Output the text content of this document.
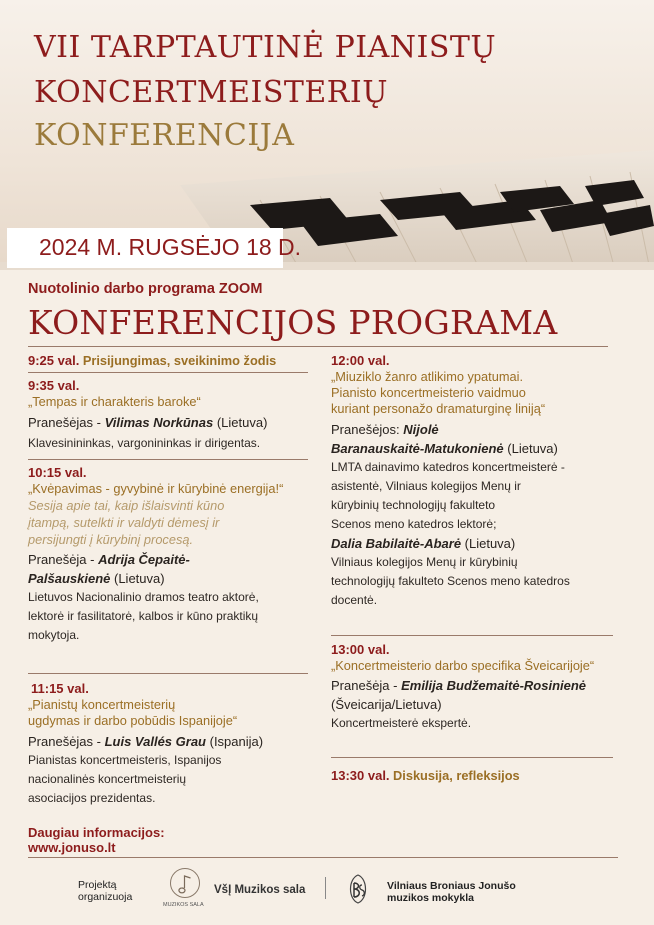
VII TARPTAUTINĖ PIANISTŲ
KONCERTMEISTERIŲ
KONFERENCIJA
2024 M. RUGSĖJO 18 D.
Nuotolinio darbo programa ZOOM
KONFERENCIJOS PROGRAMA
9:25 val. Prisijungimas, sveikinimo žodis
9:35 val.
„Tempas ir charakteris baroke“
Pranešėjas - Vilimas Norkūnas (Lietuva)
Klavesinininkas, vargonininkas ir dirigentas.
10:15 val.
„Kvėpavimas - gyvybinė ir kūrybinė energija!“
Sesija apie tai, kaip išlaisvinti kūno
įtampą, sutelkti ir valdyti dėmesį ir
persijungti į kūrybinį procesą.
Pranešėja - Adrija Čepaitė-
Palšauskienė (Lietuva)
Lietuvos Nacionalinio dramos teatro aktorė,
lektorė ir fasilitatorė, kalbos ir kūno praktikų
mokytoja.
11:15 val.
„Pianistų koncertmeisterių
ugdymas ir darbo pobūdis Ispanijoje“
Pranešėjas - Luis Vallés Grau (Ispanija)
Pianistas koncertmeisteris, Ispanijos
nacionalinės koncertmeisterių
asociacijos prezidentas.
12:00 val.
„Miuziklo žanro atlikimo ypatumai.
Pianisto koncertmeisterio vaidmuo
kuriant personažo dramaturginę liniją“
Pranešėjos: Nijolė
Baranauskaitė-Matukonienė (Lietuva)
LMTA dainavimo katedros koncertmeisterė -
asistentė, Vilniaus kolegijos Menų ir
kūrybinių technologijų fakulteto
Scenos meno katedros lektorė;
Dalia Babilaitė-Abarė (Lietuva)
Vilniaus kolegijos Menų ir kūrybinių
technologijų fakulteto Scenos meno katedros
docentė.
13:00 val.
„Koncertmeisterio darbo specifika Šveicarijoje“
Pranešėja - Emilija Budžemaitė-Rosinienė
(Šveicarija/Lietuva)
Koncertmeisterė ekspertė.
13:30 val. Diskusija, refleksijos
Daugiau informacijos:
www.jonuso.lt
Projektą
organizuoja
MUZIKOS SALA
VšĮ Muzikos sala	Vilniaus Broniaus Jonušo
muzikos mokykla
